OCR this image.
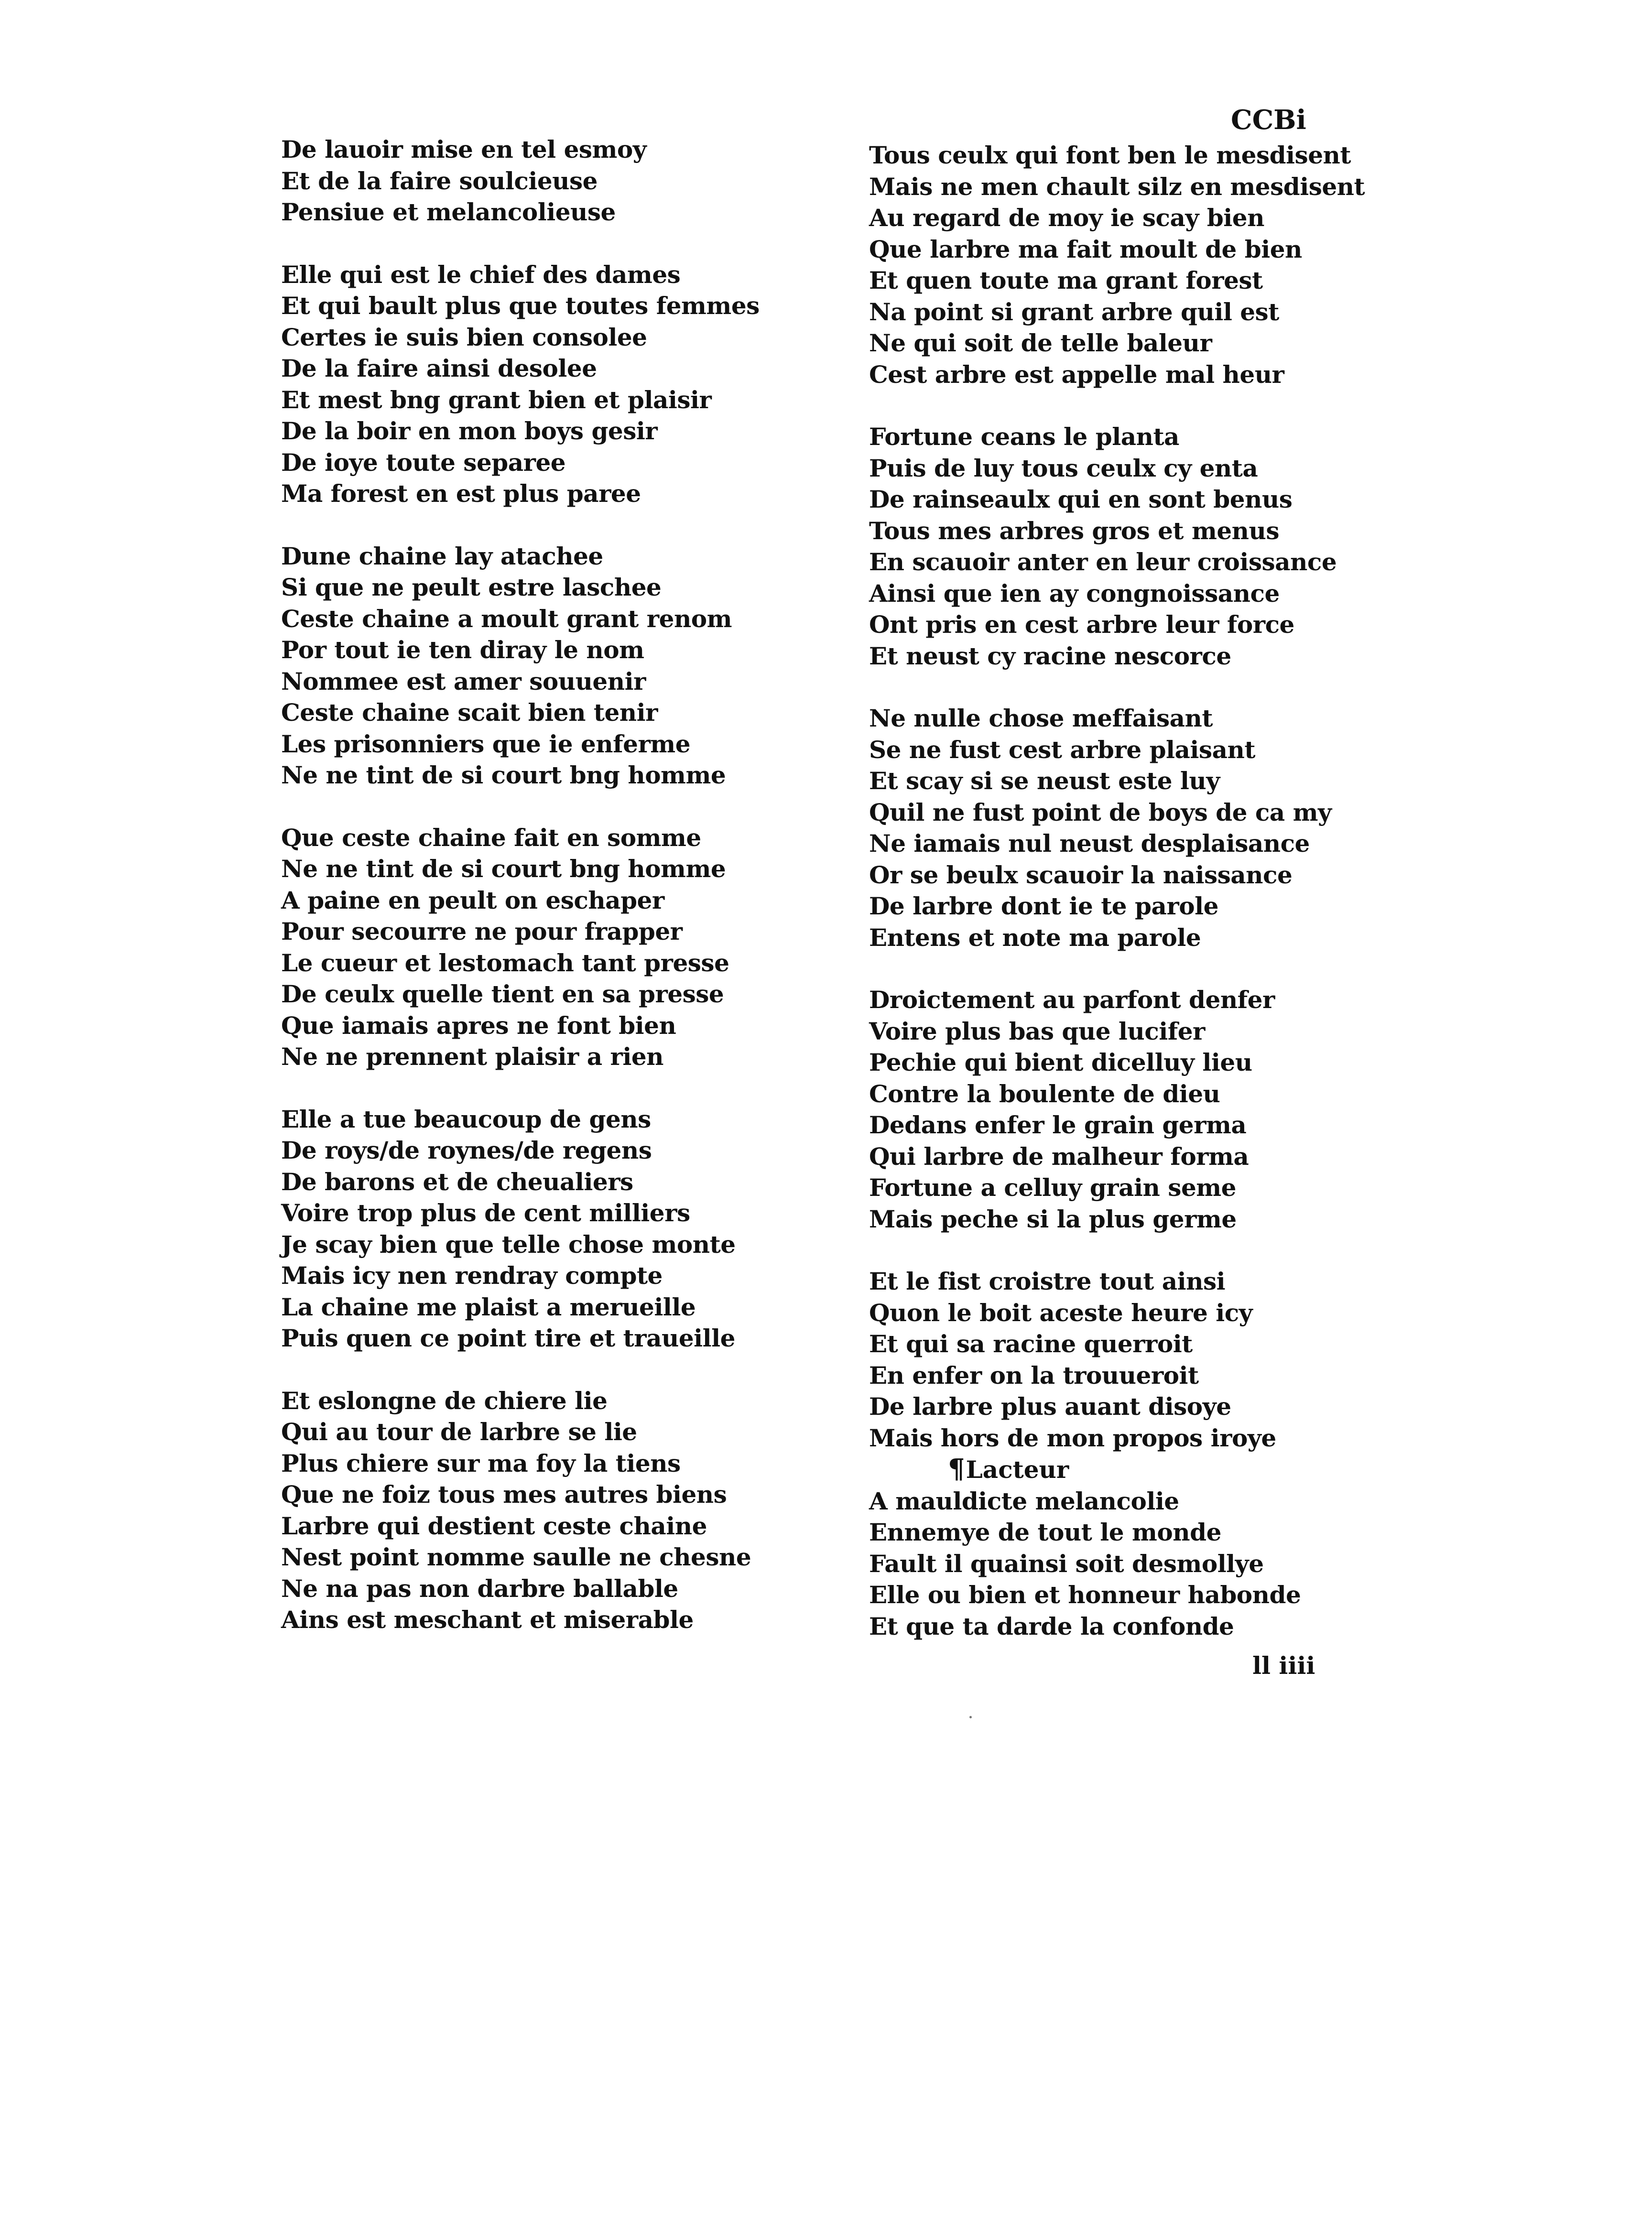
CCBi
De lauoir mise en tel esmoy
Et de la faire soulcieuse
Pensiue et melancolieuse
Elle qui est le chief des dames
Et qui bault plus que toutes femmes
Certes ie suis bien consolee
De la faire ainsi desolee
Et mest bng grant bien et plaisir
De la boir en mon boys gesir
De ioye toute separee
Ma forest en est plus paree
Dune chaine lay atachee
Si que ne peult estre laschee
Ceste chaine a moult grant renom
Por tout ie ten diray le nom
Nommee est amer souuenir
Ceste chaine scait bien tenir
Les prisonniers que ie enferme
Ne ne tint de si court bng homme
Que ceste chaine fait en somme
Ne ne tint de si court bng homme
A paine en peult on eschaper
Pour secourre ne pour frapper
Le cueur et lestomach tant presse
De ceulx quelle tient en sa presse
Que iamais apres ne font bien
Ne ne prennent plaisir a rien
Elle a tue beaucoup de gens
De roys/de roynes/de regens
De barons et de cheualiers
Voire trop plus de cent milliers
Je scay bien que telle chose monte
Mais icy nen rendray compte
La chaine me plaist a merueille
Puis quen ce point tire et traueille
Et eslongne de chiere lie
Qui au tour de larbre se lie
Plus chiere sur ma foy la tiens
Que ne foiz tous mes autres biens
Larbre qui destient ceste chaine
Nest point nomme saulle ne chesne
Ne na pas non darbre ballable
Ains est meschant et miserable
Tous ceulx qui font ben le mesdisent
Mais ne men chault silz en mesdisent
Au regard de moy ie scay bien
Que larbre ma fait moult de bien
Et quen toute ma grant forest
Na point si grant arbre quil est
Ne qui soit de telle baleur
Cest arbre est appelle mal heur
Fortune ceans le planta
Puis de luy tous ceulx cy enta
De rainseaulx qui en sont benus
Tous mes arbres gros et menus
En scauoir anter en leur croissance
Ainsi que ien ay congnoissance
Ont pris en cest arbre leur force
Et neust cy racine nescorce
Ne nulle chose meffaisant
Se ne fust cest arbre plaisant
Et scay si se neust este luy
Quil ne fust point de boys de ca my
Ne iamais nul neust desplaisance
Or se beulx scauoir la naissance
De larbre dont ie te parole
Entens et note ma parole
Droictement au parfont denfer
Voire plus bas que lucifer
Pechie qui bient dicelluy lieu
Contre la boulente de dieu
Dedans enfer le grain germa
Qui larbre de malheur forma
Fortune a celluy grain seme
Mais peche si la plus germe
Et le fist croistre tout ainsi
Quon le boit aceste heure icy
Et qui sa racine querroit
En enfer on la trouueroit
De larbre plus auant disoye
Mais hors de mon propos iroye
¶Lacteur
A mauldicte melancolie
Ennemye de tout le monde
Fault il quainsi soit desmollye
Elle ou bien et honneur habonde
Et que ta darde la confonde
ll iiii
